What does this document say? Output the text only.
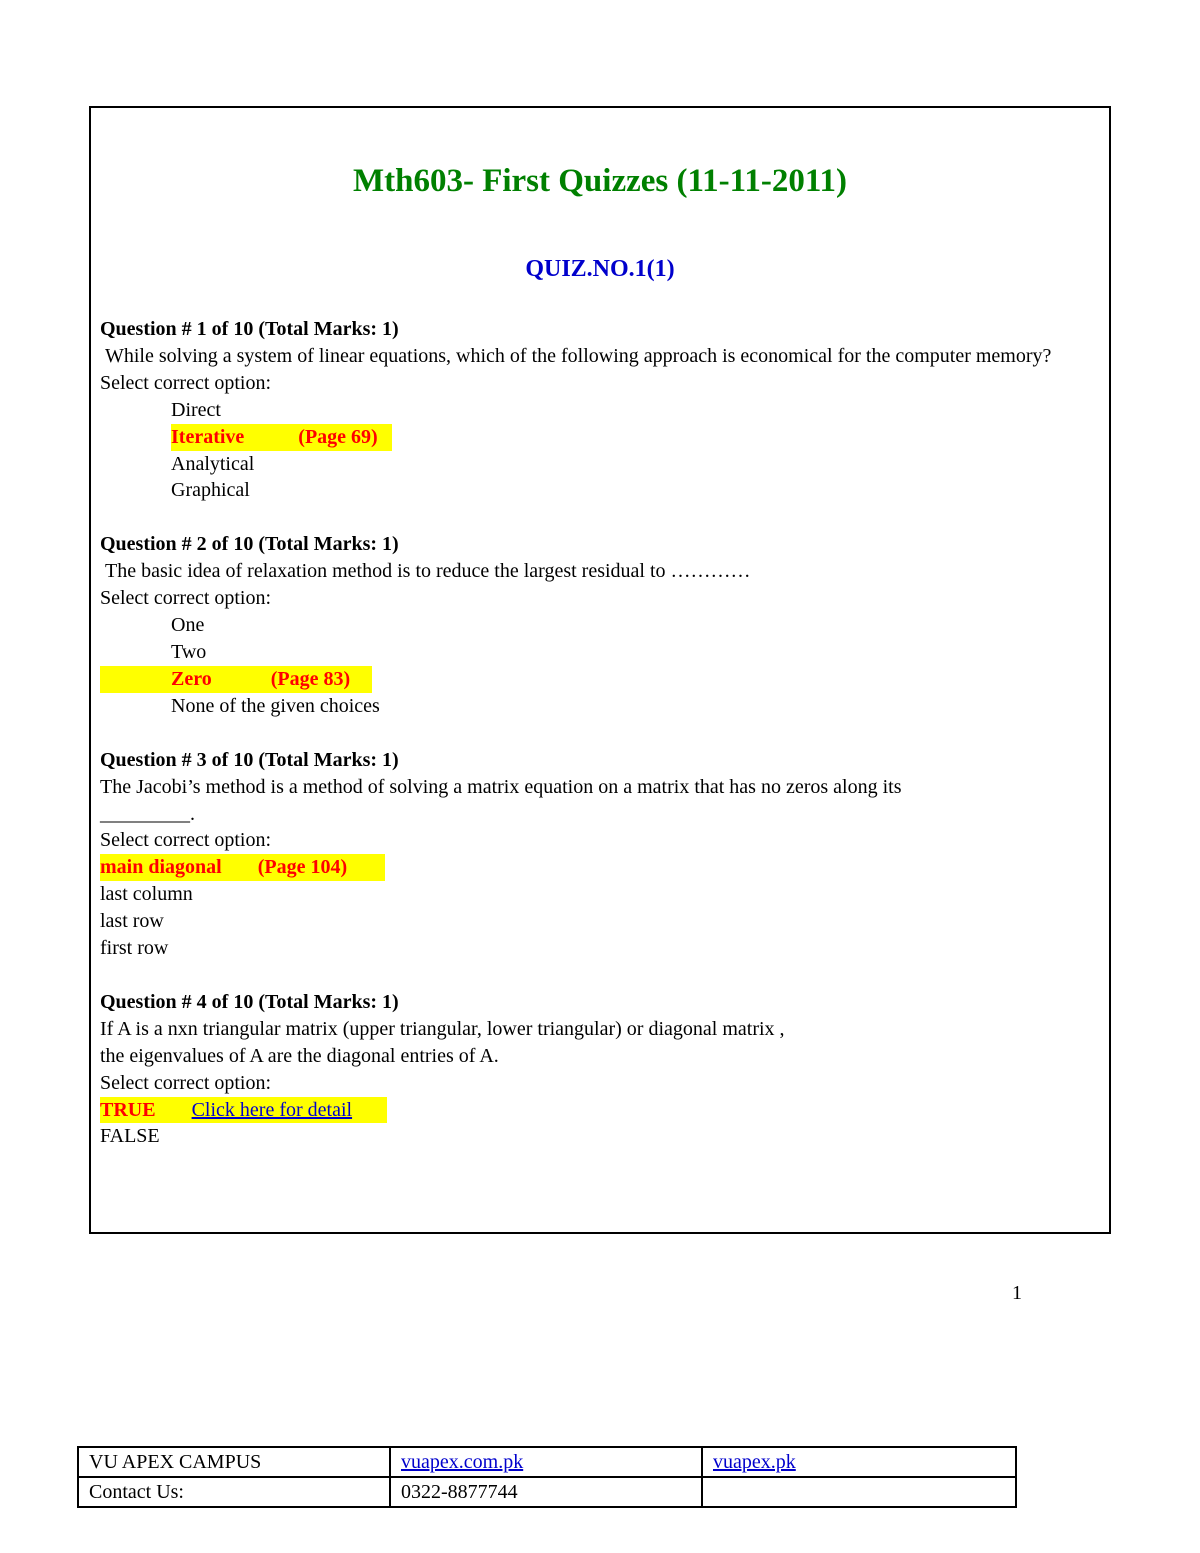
Mth603- First Quizzes (11-11-2011)
QUIZ.NO.1(1)
Question # 1 of 10 (Total Marks: 1)
While solving a system of linear equations, which of the following approach is economical for the computer memory?
Select correct option:
Direct
Iterative	(Page 69)
Analytical
Graphical
Question # 2 of 10 (Total Marks: 1)
The basic idea of relaxation method is to reduce the largest residual to …………
Select correct option:
One
Two
Zero	(Page 83)
None of the given choices
Question # 3 of 10 (Total Marks: 1)
The Jacobi’s method is a method of solving a matrix equation on a matrix that has no zeros along its
_________.
Select correct option:
main diagonal (Page 104)
last column
last row
first row
Question # 4 of 10 (Total Marks: 1)
If A is a nxn triangular matrix (upper triangular, lower triangular) or diagonal matrix ,
the eigenvalues of A are the diagonal entries of A.
Select correct option:
TRUE Click here for detail
FALSE
1
VU APEX CAMPUS	vuapex.com.pk	vuapex.pk
Contact Us:	0322-8877744	
